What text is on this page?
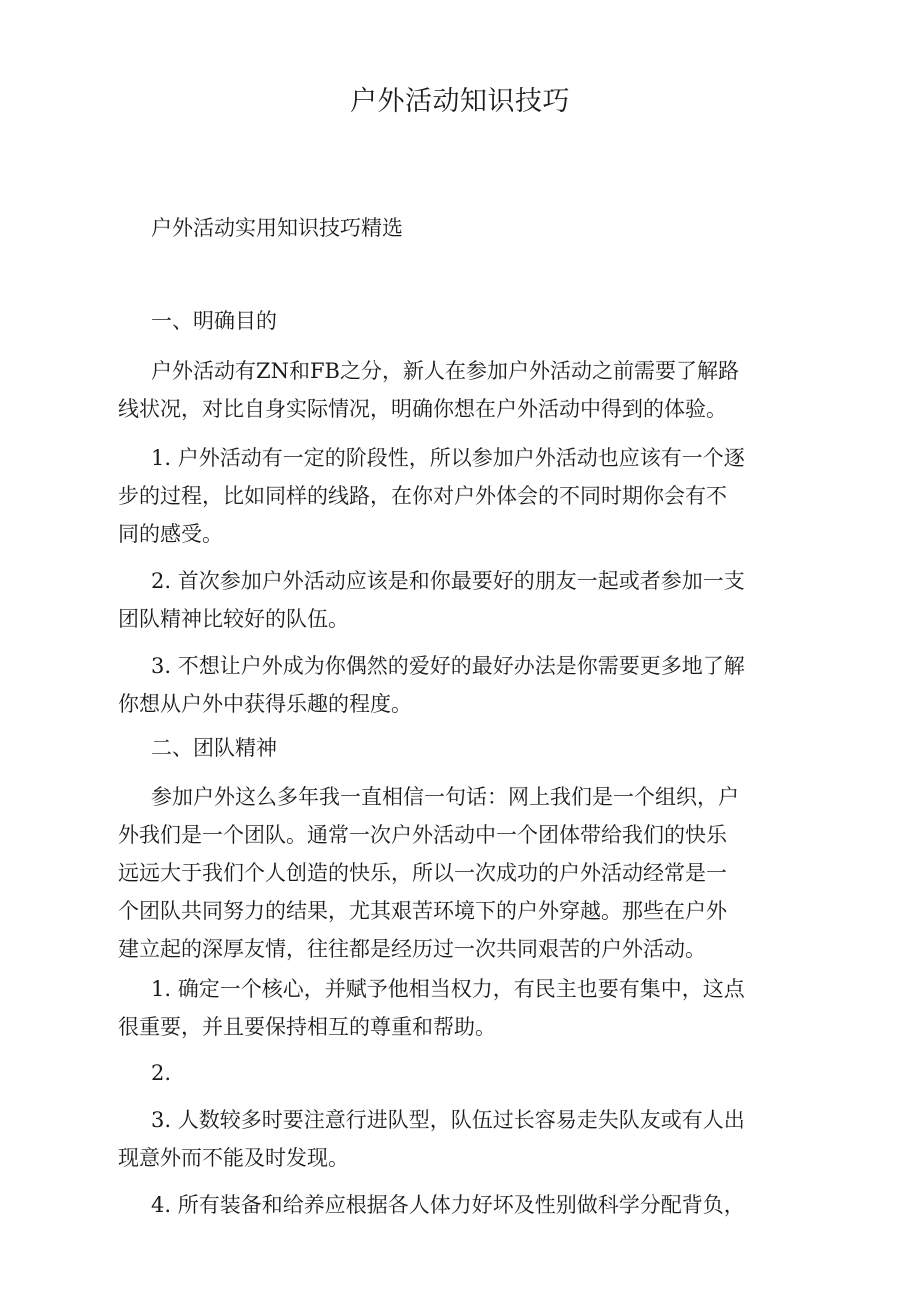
户外活动知识技巧

户外活动实用知识技巧精选

一、明确目的

户外活动有ZN和FB之分，新人在参加户外活动之前需要了解路
线状况，对比自身实际情况，明确你想在户外活动中得到的体验。

1. 户外活动有一定的阶段性，所以参加户外活动也应该有一个逐
步的过程，比如同样的线路，在你对户外体会的不同时期你会有不
同的感受。

2. 首次参加户外活动应该是和你最要好的朋友一起或者参加一支
团队精神比较好的队伍。

3. 不想让户外成为你偶然的爱好的最好办法是你需要更多地了解
你想从户外中获得乐趣的程度。

二、团队精神

参加户外这么多年我一直相信一句话：网上我们是一个组织，户
外我们是一个团队。通常一次户外活动中一个团体带给我们的快乐
远远大于我们个人创造的快乐，所以一次成功的户外活动经常是一
个团队共同努力的结果，尤其艰苦环境下的户外穿越。那些在户外
建立起的深厚友情，往往都是经历过一次共同艰苦的户外活动。

1. 确定一个核心，并赋予他相当权力，有民主也要有集中，这点
很重要，并且要保持相互的尊重和帮助。

2.

3. 人数较多时要注意行进队型，队伍过长容易走失队友或有人出
现意外而不能及时发现。

4. 所有装备和给养应根据各人体力好坏及性别做科学分配背负，
